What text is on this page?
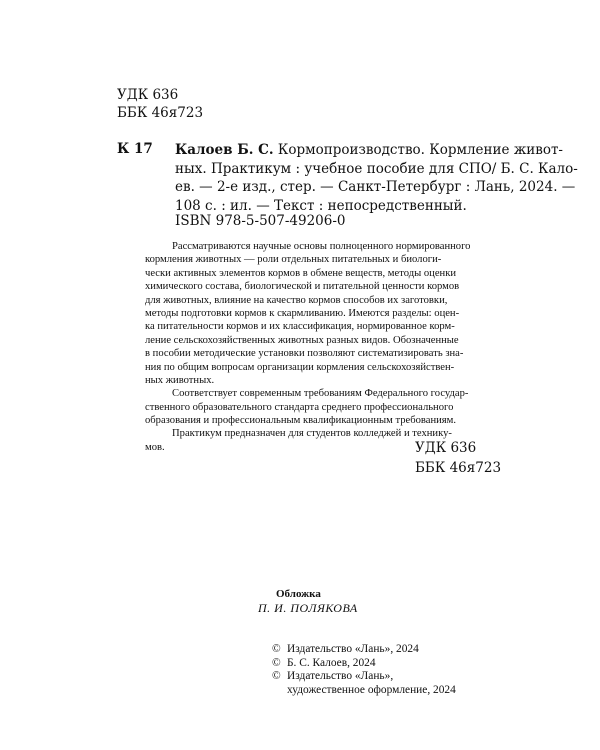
УДК 636
ББК 46я723
К 17 Калоев Б. С. Кормопроизводство. Кормление живот-
ных. Практикум : учебное пособие для СПО/ Б. С. Кало-
ев. — 2-е изд., стер. — Санкт-Петербург : Лань, 2024. —
108 с. : ил. — Текст : непосредственный.
ISBN 978-5-507-49206-0
Рассматриваются научные основы полноценного нормированного
кормления животных — роли отдельных питательных и биологи-
чески активных элементов кормов в обмене веществ, методы оценки
химического состава, биологической и питательной ценности кормов
для животных, влияние на качество кормов способов их заготовки,
методы подготовки кормов к скармливанию. Имеются разделы: оцен-
ка питательности кормов и их классификация, нормированное корм-
ление сельскохозяйственных животных разных видов. Обозначенные
в пособии методические установки позволяют систематизировать зна-
ния по общим вопросам организации кормления сельскохозяйствен-
ных животных.
Соответствует современным требованиям Федерального государ-
ственного образовательного стандарта среднего профессионального
образования и профессиональным квалификационным требованиям.
Практикум предназначен для студентов колледжей и технику-
мов.	УДК 636
ББК 46я723
Обложка
П. И. ПОЛЯКОВА
© Издательство «Лань», 2024
© Б. С. Калоев, 2024
© Издательство «Лань»,
художественное оформление, 2024
